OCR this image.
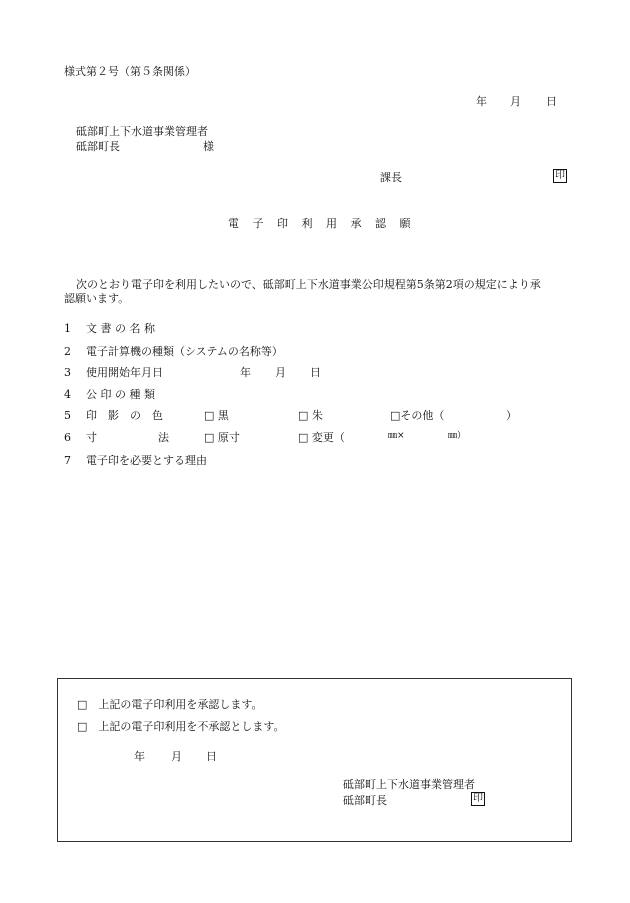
様式第２号（第５条関係）
年 月 日
砥部町上下水道事業管理者
砥部町長	様
課長	印
電 子 印 利 用 承 認 願
次のとおり電子印を利用したいので、砥部町上下水道事業公印規程第5条第2項の規定により承
認願います。
1 文 書 の 名 称
2 電子計算機の種類（システムの名称等）
3 使用開始年月日	年 月 日
4 公 印 の 種 類
5 印　影　の　色	□ 黒	□ 朱	□その他（	）
6 寸	法	□ 原寸	□ 変更（	㎜×	㎜）
7 電子印を必要とする理由
□　上記の電子印利用を承認します。
□　上記の電子印利用を不承認とします。
年 月 日
砥部町上下水道事業管理者
砥部町長	印
